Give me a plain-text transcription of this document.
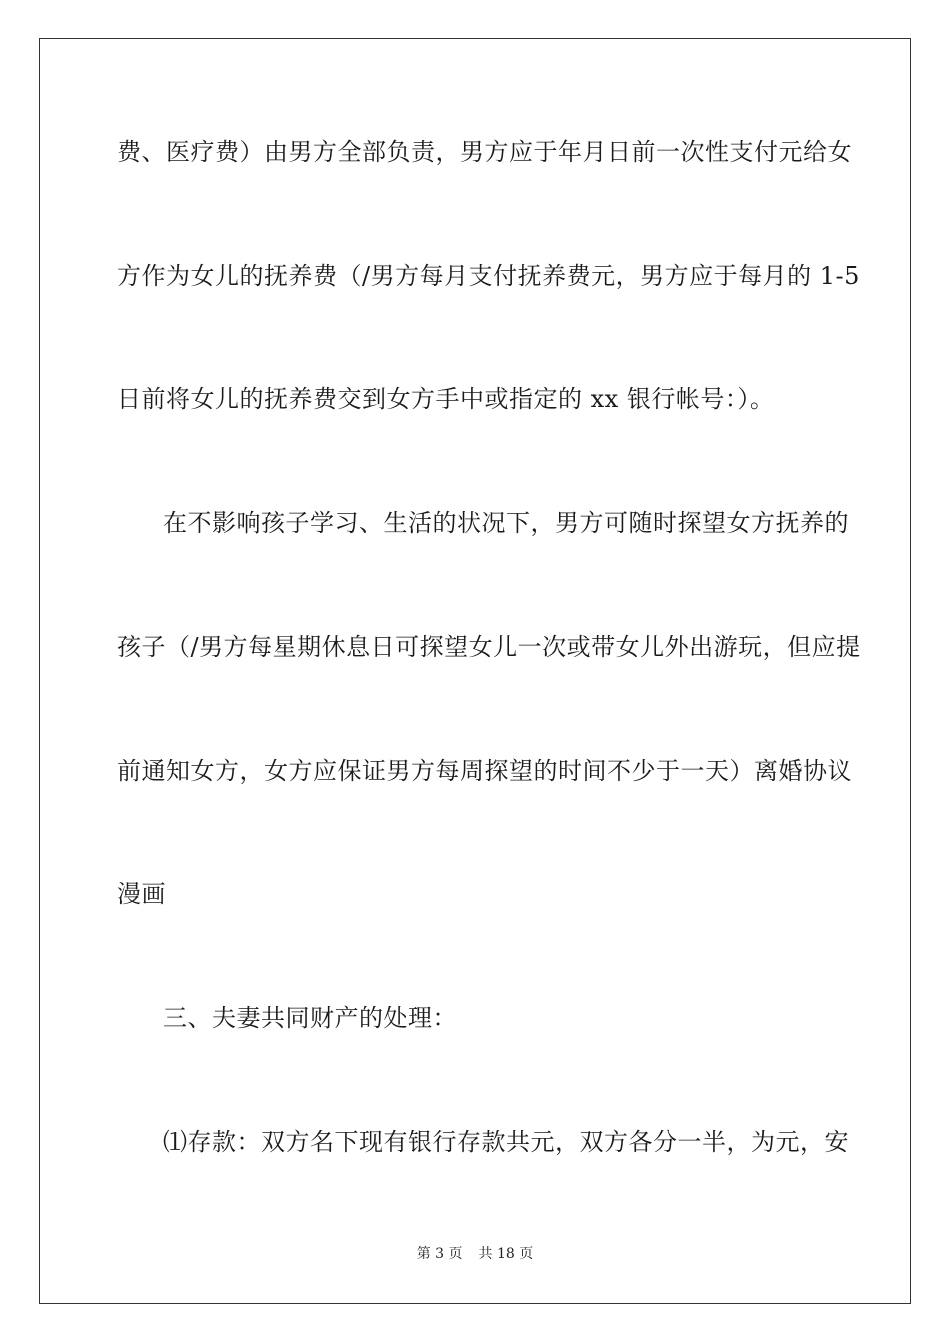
费、医疗费）由男方全部负责，男方应于年月日前一次性支付元给女
方作为女儿的抚养费（/男方每月支付抚养费元，男方应于每月的 1-5
日前将女儿的抚养费交到女方手中或指定的 xx 银行帐号：）。
在不影响孩子学习、生活的状况下，男方可随时探望女方抚养的
孩子（/男方每星期休息日可探望女儿一次或带女儿外出游玩，但应提
前通知女方，女方应保证男方每周探望的时间不少于一天）离婚协议
漫画
三、夫妻共同财产的处理：
⑴存款：双方名下现有银行存款共元，双方各分一半，为元，安
第 3 页 共 18 页
